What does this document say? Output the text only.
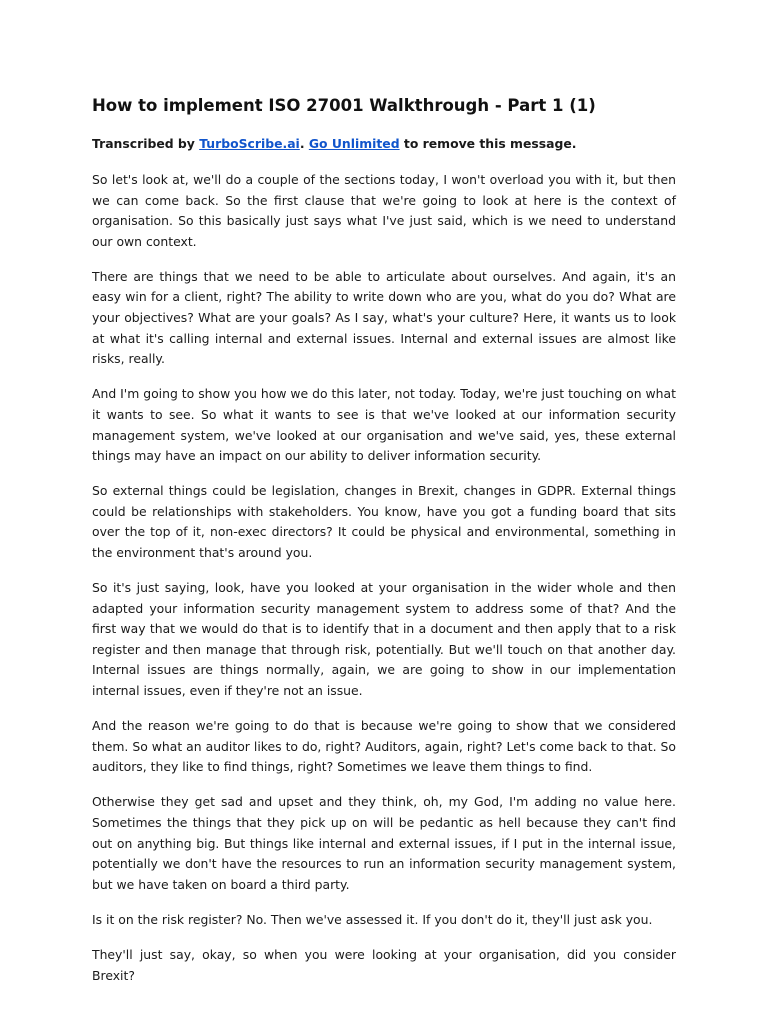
How to implement ISO 27001 Walkthrough - Part 1 (1)

Transcribed by TurboScribe.ai. Go Unlimited to remove this message.

So let's look at, we'll do a couple of the sections today, I won't overload you with it, but then we can come back. So the first clause that we're going to look at here is the context of organisation. So this basically just says what I've just said, which is we need to understand our own context.

There are things that we need to be able to articulate about ourselves. And again, it's an easy win for a client, right? The ability to write down who are you, what do you do? What are your objectives? What are your goals? As I say, what's your culture? Here, it wants us to look at what it's calling internal and external issues. Internal and external issues are almost like risks, really.

And I'm going to show you how we do this later, not today. Today, we're just touching on what it wants to see. So what it wants to see is that we've looked at our information security management system, we've looked at our organisation and we've said, yes, these external things may have an impact on our ability to deliver information security.

So external things could be legislation, changes in Brexit, changes in GDPR. External things could be relationships with stakeholders. You know, have you got a funding board that sits over the top of it, non-exec directors? It could be physical and environmental, something in the environment that's around you.

So it's just saying, look, have you looked at your organisation in the wider whole and then adapted your information security management system to address some of that? And the first way that we would do that is to identify that in a document and then apply that to a risk register and then manage that through risk, potentially. But we'll touch on that another day. Internal issues are things normally, again, we are going to show in our implementation internal issues, even if they're not an issue.

And the reason we're going to do that is because we're going to show that we considered them. So what an auditor likes to do, right? Auditors, again, right? Let's come back to that. So auditors, they like to find things, right? Sometimes we leave them things to find.

Otherwise they get sad and upset and they think, oh, my God, I'm adding no value here. Sometimes the things that they pick up on will be pedantic as hell because they can't find out on anything big. But things like internal and external issues, if I put in the internal issue, potentially we don't have the resources to run an information security management system, but we have taken on board a third party.

Is it on the risk register? No. Then we've assessed it. If you don't do it, they'll just ask you.

They'll just say, okay, so when you were looking at your organisation, did you consider Brexit?
